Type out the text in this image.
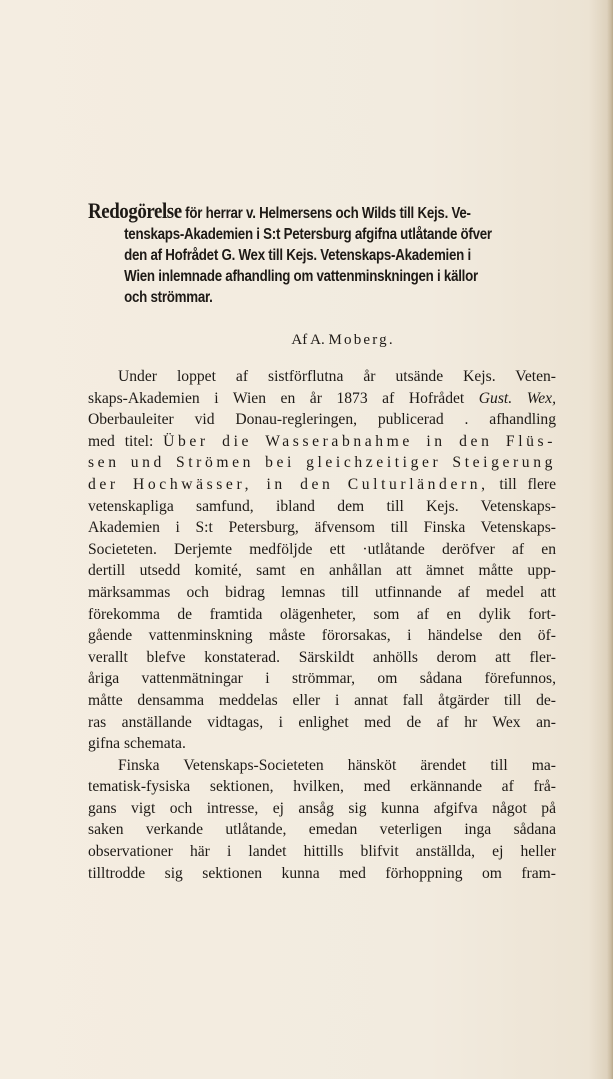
Redogörelse för herrar v. Helmersens och Wilds till Kejs. Ve-
tenskaps-Akademien i S:t Petersburg afgifna utlåtande öfver
den af Hofrådet G. Wex till Kejs. Vetenskaps-Akademien i
Wien inlemnade afhandling om vattenminskningen i källor
och strömmar.
Af A. Moberg.
Under loppet af sistförflutna år utsände Kejs. Veten-
skaps-Akademien i Wien en år 1873 af Hofrådet Gust. Wex,
Oberbauleiter vid Donau-regleringen, publicerad . afhandling
med titel: Über die Wasserabnahme in den Flüs-
sen und Strömen bei gleichzeitiger Steigerung
der Hochwässer, in den Culturländern, till flere
vetenskapliga samfund, ibland dem till Kejs. Vetenskaps-
Akademien i S:t Petersburg, äfvensom till Finska Vetenskaps-
Societeten. Derjemte medföljde ett ·utlåtande deröfver af en
dertill utsedd komité, samt en anhållan att ämnet måtte upp-
märksammas och bidrag lemnas till utfinnande af medel att
förekomma de framtida olägenheter, som af en dylik fort-
gående vattenminskning måste förorsakas, i händelse den öf-
verallt blefve konstaterad. Särskildt anhölls derom att fler-
åriga vattenmätningar i strömmar, om sådana förefunnos,
måtte densamma meddelas eller i annat fall åtgärder till de-
ras anställande vidtagas, i enlighet med de af hr Wex an-
gifna schemata.
Finska Vetenskaps-Societeten hänsköt ärendet till ma-
tematisk-fysiska sektionen, hvilken, med erkännande af frå-
gans vigt och intresse, ej ansåg sig kunna afgifva något på
saken verkande utlåtande, emedan veterligen inga sådana
observationer här i landet hittills blifvit anställda, ej heller
tilltrodde sig sektionen kunna med förhoppning om fram-
